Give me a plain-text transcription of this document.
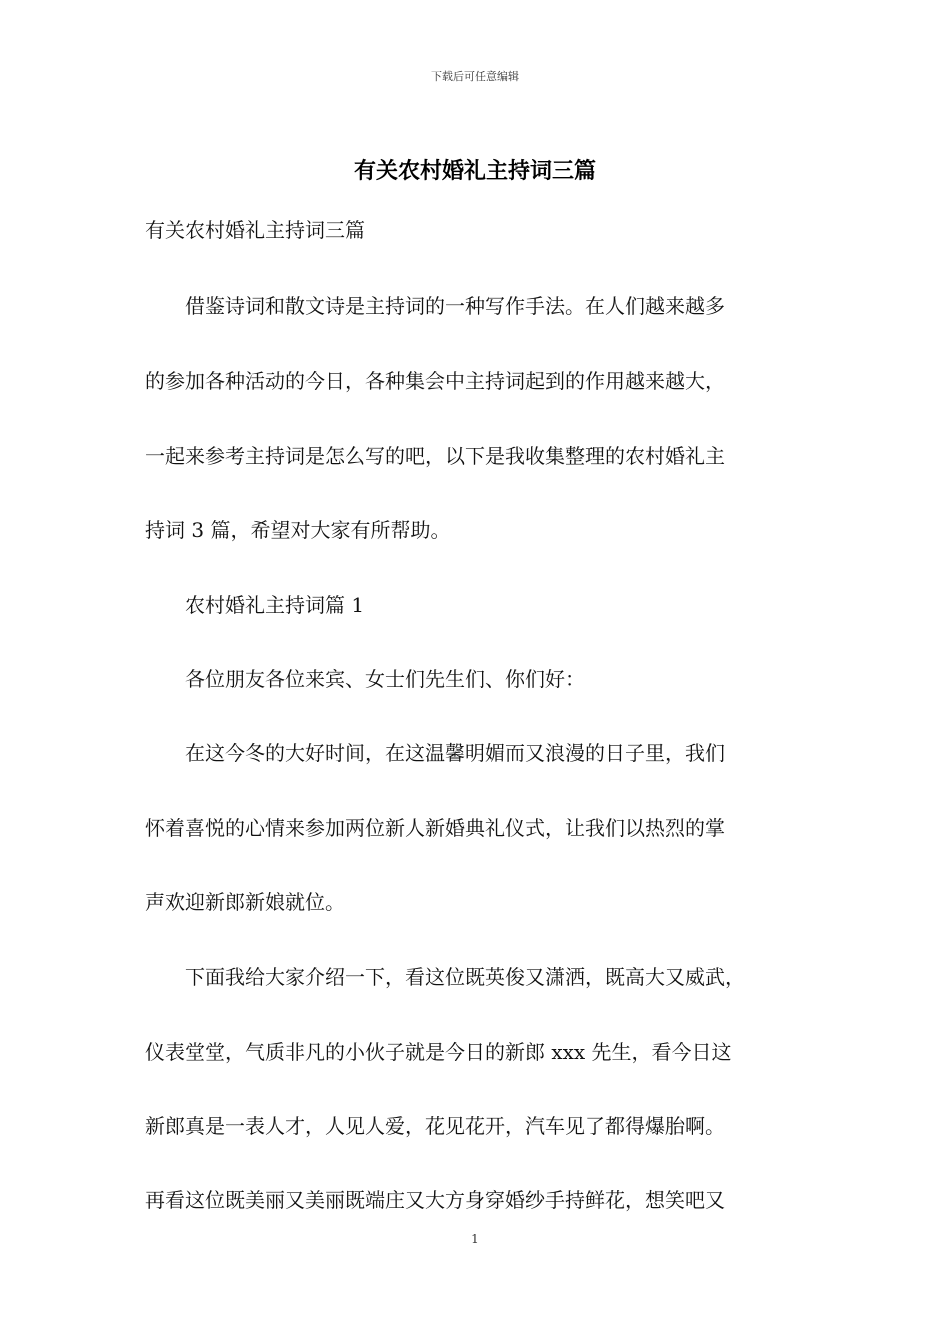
下载后可任意编辑
有关农村婚礼主持词三篇
有关农村婚礼主持词三篇
　　借鉴诗词和散文诗是主持词的一种写作手法。在人们越来越多
的参加各种活动的今日，各种集会中主持词起到的作用越来越大，
一起来参考主持词是怎么写的吧，以下是我收集整理的农村婚礼主
持词 3 篇，希望对大家有所帮助。
　　农村婚礼主持词篇 1
　　各位朋友各位来宾、女士们先生们、你们好：
　　在这今冬的大好时间，在这温馨明媚而又浪漫的日子里，我们
怀着喜悦的心情来参加两位新人新婚典礼仪式，让我们以热烈的掌
声欢迎新郎新娘就位。
　　下面我给大家介绍一下，看这位既英俊又潇洒，既高大又威武，
仪表堂堂，气质非凡的小伙子就是今日的新郎 xxx 先生，看今日这
新郎真是一表人才，人见人爱，花见花开，汽车见了都得爆胎啊。
再看这位既美丽又美丽既端庄又大方身穿婚纱手持鲜花，想笑吧又
1
